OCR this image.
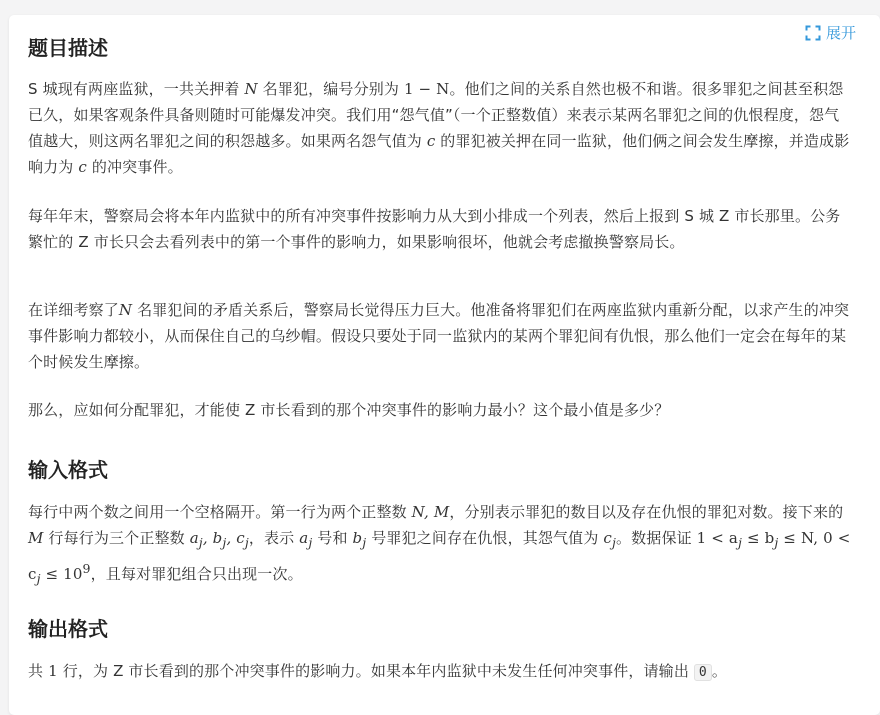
展开
题目描述

S 城现有两座监狱，一共关押着 N 名罪犯，编号分别为 1 − N。他们之间的关系自然也极不和谐。很多罪犯之间甚至积怨已久，如果客观条件具备则随时可能爆发冲突。我们用“怨气值”（一个正整数值）来表示某两名罪犯之间的仇恨程度，怨气值越大，则这两名罪犯之间的积怨越多。如果两名怨气值为 c 的罪犯被关押在同一监狱，他们俩之间会发生摩擦，并造成影响力为 c 的冲突事件。

每年年末，警察局会将本年内监狱中的所有冲突事件按影响力从大到小排成一个列表，然后上报到 S 城 Z 市长那里。公务繁忙的 Z 市长只会去看列表中的第一个事件的影响力，如果影响很坏，他就会考虑撤换警察局长。

在详细考察了N 名罪犯间的矛盾关系后，警察局长觉得压力巨大。他准备将罪犯们在两座监狱内重新分配，以求产生的冲突事件影响力都较小，从而保住自己的乌纱帽。假设只要处于同一监狱内的某两个罪犯间有仇恨，那么他们一定会在每年的某个时候发生摩擦。

那么，应如何分配罪犯，才能使 Z 市长看到的那个冲突事件的影响力最小？这个最小值是多少？

输入格式

每行中两个数之间用一个空格隔开。第一行为两个正整数 N, M，分别表示罪犯的数目以及存在仇恨的罪犯对数。接下来的 M 行每行为三个正整数 $a_j$, $b_j$, $c_j$，表示 $a_j$ 号和 $b_j$ 号罪犯之间存在仇恨，其怨气值为 $c_j$。数据保证 $1 < a_j \le b_j \le N$, $0 < c_j \le 10^9$，且每对罪犯组合只出现一次。

输出格式

共 1 行，为 Z 市长看到的那个冲突事件的影响力。如果本年内监狱中未发生任何冲突事件，请输出 0 。
